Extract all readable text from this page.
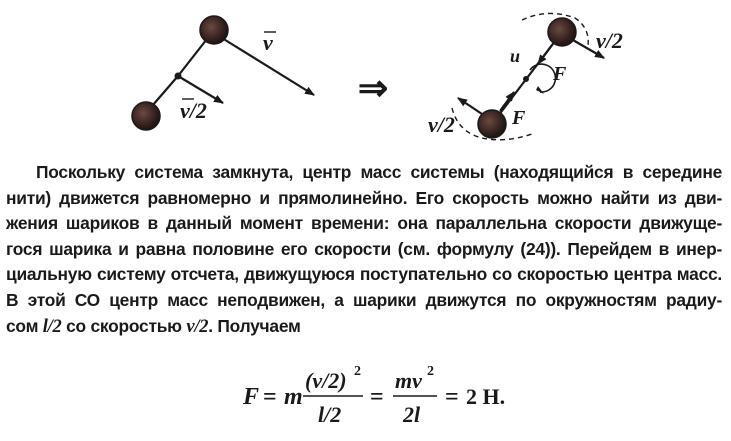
v
v/2
⇒
v/2
v/2
u
F
F
Поскольку система замкнута, центр масс системы (находящийся в середине
нити) движется равномерно и прямолинейно. Его скорость можно найти из дви-
жения шариков в данный момент времени: она параллельна скорости движуще-
гося шарика и равна половине его скорости (см. формулу (24)). Перейдем в инер-
циальную систему отсчета, движущуюся поступательно со скоростью центра масс.
В этой СО центр масс неподвижен, а шарики движутся по окружностям радиу-
сом l/2 со скоростью v/2. Получаем
F = m
(v/2) 2
l/2
=
mv 2
2l
= 2 Н.
